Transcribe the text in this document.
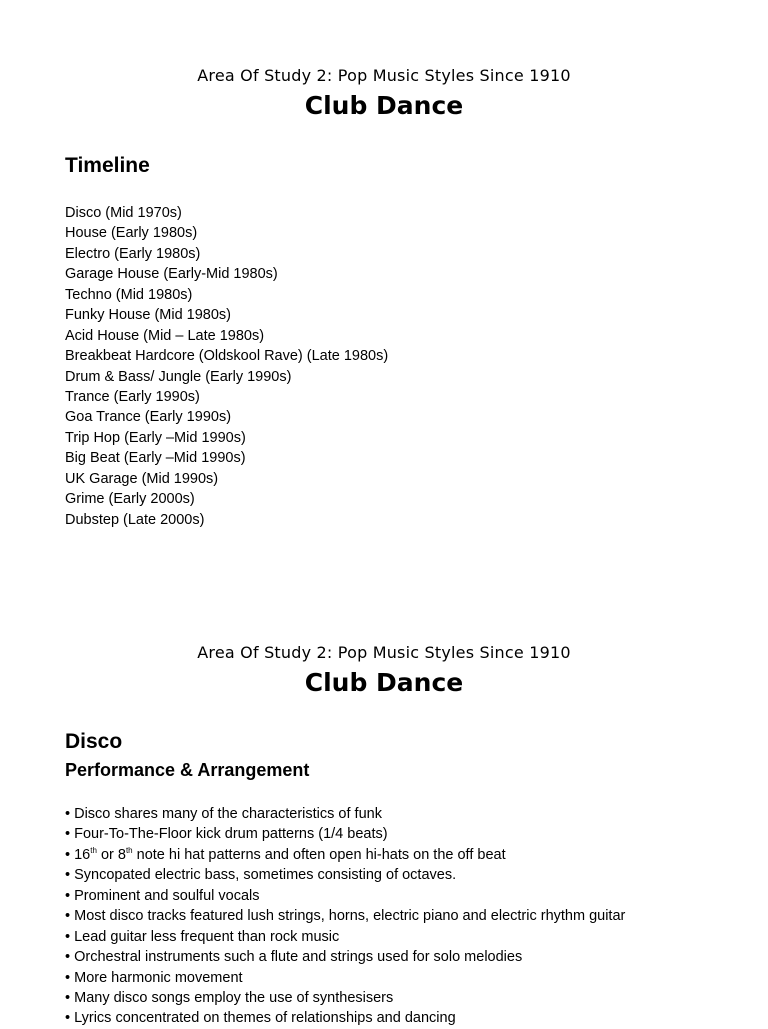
Area Of Study 2: Pop Music Styles Since 1910
Club Dance
Timeline
Disco (Mid 1970s)
House (Early 1980s)
Electro (Early 1980s)
Garage House (Early-Mid 1980s)
Techno (Mid 1980s)
Funky House (Mid 1980s)
Acid House (Mid – Late 1980s)
Breakbeat Hardcore (Oldskool Rave) (Late 1980s)
Drum & Bass/ Jungle (Early 1990s)
Trance (Early 1990s)
Goa Trance (Early 1990s)
Trip Hop (Early –Mid 1990s)
Big Beat (Early –Mid 1990s)
UK Garage (Mid 1990s)
Grime (Early 2000s)
Dubstep (Late 2000s)
Area Of Study 2: Pop Music Styles Since 1910
Club Dance
Disco
Performance & Arrangement
• Disco shares many of the characteristics of funk
• Four-To-The-Floor kick drum patterns (1/4 beats)
• 16th or 8th note hi hat patterns and often open hi-hats on the off beat
• Syncopated electric bass, sometimes consisting of octaves.
• Prominent and soulful vocals
• Most disco tracks featured lush strings, horns, electric piano and electric rhythm guitar
• Lead guitar less frequent than rock music
• Orchestral instruments such a flute and strings used for solo melodies
• More harmonic movement
• Many disco songs employ the use of synthesisers
• Lyrics concentrated on themes of relationships and dancing
